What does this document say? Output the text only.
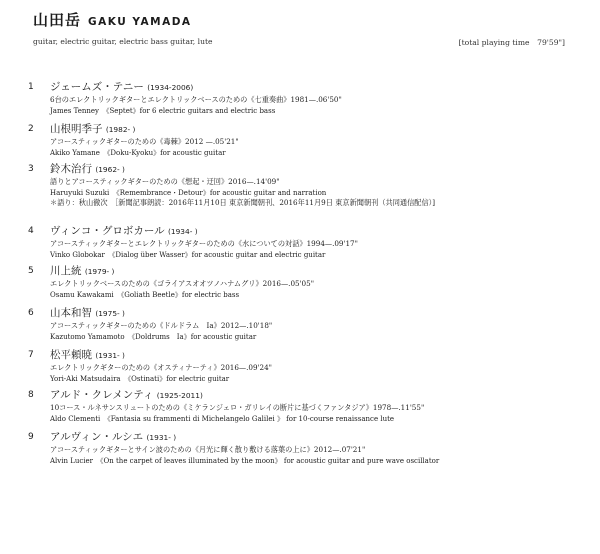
山田岳 GAKU YAMADA
guitar, electric guitar, electric bass guitar, lute	[total playing time　79'59"]
1	ジェームズ・テニー (1934-2006)
6台のエレクトリックギターとエレクトリックベースのための《七重奏曲》1981—.06'50"
James Tenney　《Septet》for 6 electric guitars and electric bass
2	山根明季子 (1982- )
アコースティックギターのための《毒棘》2012 —.05'21"
Akiko Yamane　《Doku-Kyoku》for acoustic guitar
3	鈴木治行 (1962- )
語りとアコースティックギターのための《想起・迂回》2016—.14'09"
Haruyuki Suzuki　《Remembrance・Detour》for acoustic guitar and narration
＊語り：秋山徹次　［新聞記事朗読：2016年11月10日 東京新聞朝刊、2016年11月9日 東京新聞朝刊（共同通信配信）]
4	ヴィンコ・グロボカール (1934- )
アコースティックギターとエレクトリックギターのための《水についての対話》1994—.09'17"
Vinko Globokar　《Dialog über Wasser》for acoustic guitar and electric guitar
5	川上統 (1979- )
エレクトリックベースのための《ゴライアスオオツノハナムグリ》2016—.05'05"
Osamu Kawakami　《Goliath Beetle》for electric bass
6	山本和智 (1975- )
アコースティックギターのための《ドルドラム　Ⅰa》2012—.10'18"
Kazutomo Yamamoto　《Doldrums　Ⅰa》for acoustic guitar
7	松平頼暁 (1931- )
エレクトリックギターのための《オスティナーティ》2016—.09'24"
Yori-Aki Matsudaira　《Ostinati》for electric guitar
8	アルド・クレメンティ (1925-2011)
10コース・ルネサンスリュートのための《ミケランジェロ・ガリレイの断片に基づくファンタジア》1978—.11'55"
Aldo Clementi　《Fantasia su frammenti di Michelangelo Galilei 》 for 10-course renaissance lute
9	アルヴィン・ルシエ (1931- )
アコースティックギターとサイン波のための《月光に輝く散り敷ける落葉の上に》2012—.07'21"
Alvin Lucier　《On the carpet of leaves illuminated by the moon》 for acoustic guitar and pure wave oscillator
